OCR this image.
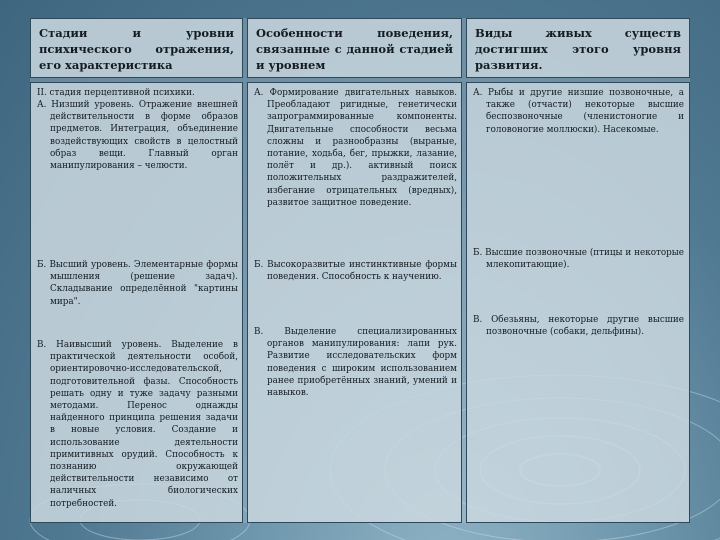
Стадии и уровни психического отражения, его характеристика

II. стадия перцептивной психики.

А. Низший уровень. Отражение внешней действительности в форме образов предметов. Интеграция, объединение воздействующих свойств в целостный образ вещи. Главный орган манипулирования – челюсти.

Б. Высший уровень. Элементарные формы мышления (решение задач). Складывание определённой "картины мира".

В. Наивысший уровень. Выделение в практической деятельности особой, ориентировочно-исследовательской, подготовительной фазы. Способность решать одну и туже задачу разными методами. Перенос однажды найденного принципа решения задачи в новые условия. Создание и использование деятельности примитивных орудий. Способность к познанию окружающей действительности независимо от наличных биологических потребностей.

Особенности поведения, связанные с данной стадией и уровнем

А. Формирование двигательных навыков. Преобладают ригидные, генетически запрограммированные компоненты. Двигательные способности весьма сложны и разнообразны (выраные, потание, ходьба, бег, прыжки, лазание, полёт и др.). активный поиск положительных раздражителей, избегание отрицательных (вредных), развитое защитное поведение.

Б. Высокоразвитые инстинктивные формы поведения. Способность к научению.

В. Выделение специализированных органов манипулирования: лапи рук. Развитие исследовательских форм поведения с широким использованием ранее приобретённых знаний, умений и навыков.

Виды живых существ достигших этого уровня развития.

А. Рыбы и другие низшие позвоночные, а также (отчасти) некоторые высшие беспозвоночные (членистоногие и головоногие моллюски). Насекомые.

Б. Высшие позвоночные (птицы и некоторые млекопитающие).

В. Обезьяны, некоторые другие высшие позвоночные (собаки, дельфины).
